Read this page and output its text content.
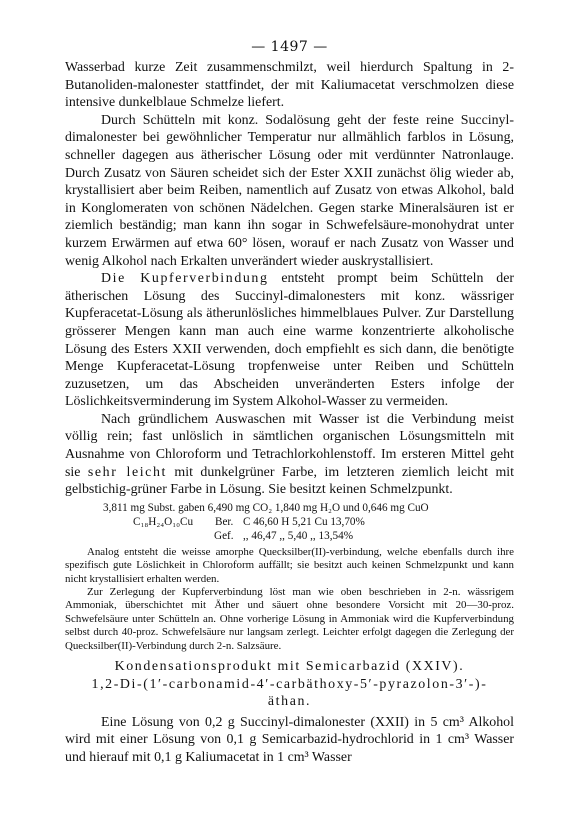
— 1497 —

Wasserbad kurze Zeit zusammenschmilzt, weil hierdurch Spaltung in 2-Butanoliden-malonester stattfindet, der mit Kaliumacetat verschmolzen diese intensive dunkelblaue Schmelze liefert.

Durch Schütteln mit konz. Sodalösung geht der feste reine Succinyl-dimalonester bei gewöhnlicher Temperatur nur allmählich farblos in Lösung, schneller dagegen aus ätherischer Lösung oder mit verdünnter Natronlauge. Durch Zusatz von Säuren scheidet sich der Ester XXII zunächst ölig wieder ab, krystallisiert aber beim Reiben, namentlich auf Zusatz von etwas Alkohol, bald in Konglomeraten von schönen Nädelchen. Gegen starke Mineralsäuren ist er ziemlich beständig; man kann ihn sogar in Schwefelsäure-monohydrat unter kurzem Erwärmen auf etwa 60° lösen, worauf er nach Zusatz von Wasser und wenig Alkohol nach Erkalten unverändert wieder auskrystallisiert.

Die Kupferverbindung entsteht prompt beim Schütteln der ätherischen Lösung des Succinyl-dimalonesters mit konz. wässriger Kupferacetat-Lösung als ätherunlösliches himmelblaues Pulver. Zur Darstellung grösserer Mengen kann man auch eine warme konzentrierte alkoholische Lösung des Esters XXII verwenden, doch empfiehlt es sich dann, die benötigte Menge Kupferacetat-Lösung tropfenweise unter Reiben und Schütteln zuzusetzen, um das Abscheiden unveränderten Esters infolge der Löslichkeitsverminderung im System Alkohol-Wasser zu vermeiden.

Nach gründlichem Auswaschen mit Wasser ist die Verbindung meist völlig rein; fast unlöslich in sämtlichen organischen Lösungsmitteln mit Ausnahme von Chloroform und Tetrachlorkohlenstoff. Im ersteren Mittel geht sie sehr leicht mit dunkelgrüner Farbe, im letzteren ziemlich leicht mit gelbstichig-grüner Farbe in Lösung. Sie besitzt keinen Schmelzpunkt.

3,811 mg Subst. gaben 6,490 mg CO₂ 1,840 mg H₂O und 0,646 mg CuO
C₁₈H₂₄O₁₀Cu Ber. C 46,60 H 5,21 Cu 13,70%
Gef. ,, 46,47 ,, 5,40 ,, 13,54%

Analog entsteht die weisse amorphe Quecksilber(II)-verbindung, welche ebenfalls durch ihre spezifisch gute Löslichkeit in Chloroform auffällt; sie besitzt auch keinen Schmelzpunkt und kann nicht krystallisiert erhalten werden.

Zur Zerlegung der Kupferverbindung löst man wie oben beschrieben in 2-n. wässrigem Ammoniak, überschichtet mit Äther und säuert ohne besondere Vorsicht mit 20—30-proz. Schwefelsäure unter Schütteln an. Ohne vorherige Lösung in Ammoniak wird die Kupferverbindung selbst durch 40-proz. Schwefelsäure nur langsam zerlegt. Leichter erfolgt dagegen die Zerlegung der Quecksilber(II)-Verbindung durch 2-n. Salzsäure.

Kondensationsprodukt mit Semicarbazid (XXIV).
1,2-Di-(1′-carbonamid-4′-carbäthoxy-5′-pyrazolon-3′-)-
äthan.

Eine Lösung von 0,2 g Succinyl-dimalonester (XXII) in 5 cm³ Alkohol wird mit einer Lösung von 0,1 g Semicarbazid-hydrochlorid in 1 cm³ Wasser und hierauf mit 0,1 g Kaliumacetat in 1 cm³ Wasser
